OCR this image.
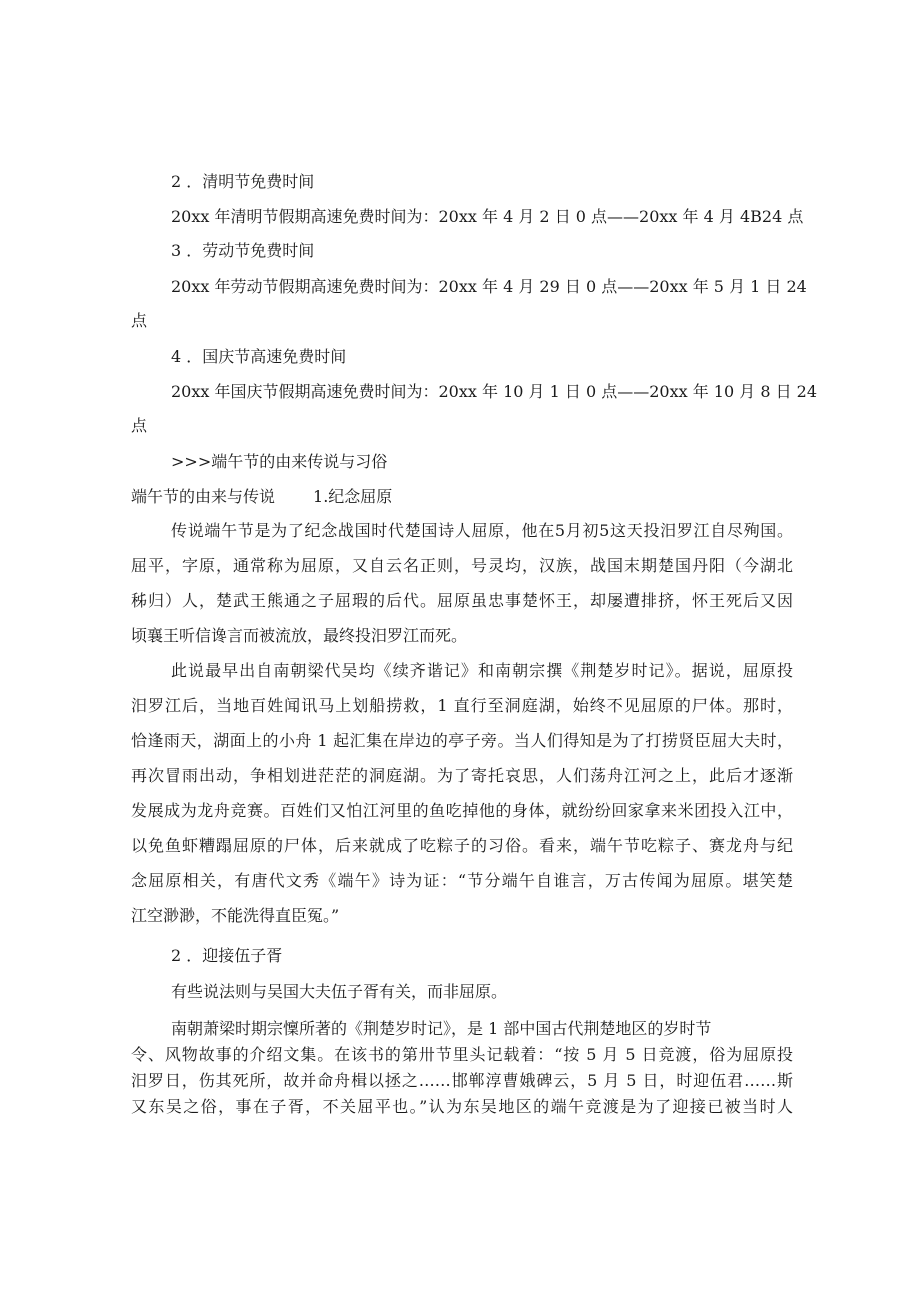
2 ．清明节免费时间
20xx 年清明节假期高速免费时间为：20xx 年 4 月 2 日 0 点——20xx 年 4 月 4B24 点
3 ．劳动节免费时间
20xx 年劳动节假期高速免费时间为：20xx 年 4 月 29 日 0 点——20xx 年 5 月 1 日 24
点
4 ．国庆节高速免费时间
20xx 年国庆节假期高速免费时间为：20xx 年 10 月 1 日 0 点——20xx 年 10 月 8 日 24
点
>>>端午节的由来传说与习俗
端午节的由来与传说 1.纪念屈原
传说端午节是为了纪念战国时代楚国诗人屈原，他在5月初5这天投汨罗江自尽殉国。
屈平，字原，通常称为屈原，又自云名正则，号灵均，汉族，战国末期楚国丹阳（今湖北
秭归）人，楚武王熊通之子屈瑕的后代。屈原虽忠事楚怀王，却屡遭排挤，怀王死后又因
顷襄王听信谗言而被流放，最终投汨罗江而死。
此说最早出自南朝梁代吴均《续齐谐记》和南朝宗撰《荆楚岁时记》。据说，屈原投
汨罗江后，当地百姓闻讯马上划船捞救，1 直行至洞庭湖，始终不见屈原的尸体。那时，
恰逢雨天，湖面上的小舟 1 起汇集在岸边的亭子旁。当人们得知是为了打捞贤臣屈大夫时，
再次冒雨出动，争相划进茫茫的洞庭湖。为了寄托哀思，人们荡舟江河之上，此后才逐渐
发展成为龙舟竞赛。百姓们又怕江河里的鱼吃掉他的身体，就纷纷回家拿来米团投入江中，
以免鱼虾糟蹋屈原的尸体，后来就成了吃粽子的习俗。看来，端午节吃粽子、赛龙舟与纪
念屈原相关，有唐代文秀《端午》诗为证：“节分端午自谁言，万古传闻为屈原。堪笑楚
江空渺渺，不能洗得直臣冤。”
2 ．迎接伍子胥
有些说法则与吴国大夫伍子胥有关，而非屈原。
南朝萧梁时期宗懍所著的《荆楚岁时记》，是 1 部中国古代荆楚地区的岁时节
令、风物故事的介绍文集。在该书的第卅节里头记载着：“按 5 月 5 日竞渡，俗为屈原投
汨罗日，伤其死所，故并命舟楫以拯之……邯郸淳曹娥碑云，5 月 5 日，时迎伍君……斯
又东吴之俗，事在子胥，不关屈平也。”认为东吴地区的端午竞渡是为了迎接已被当时人
